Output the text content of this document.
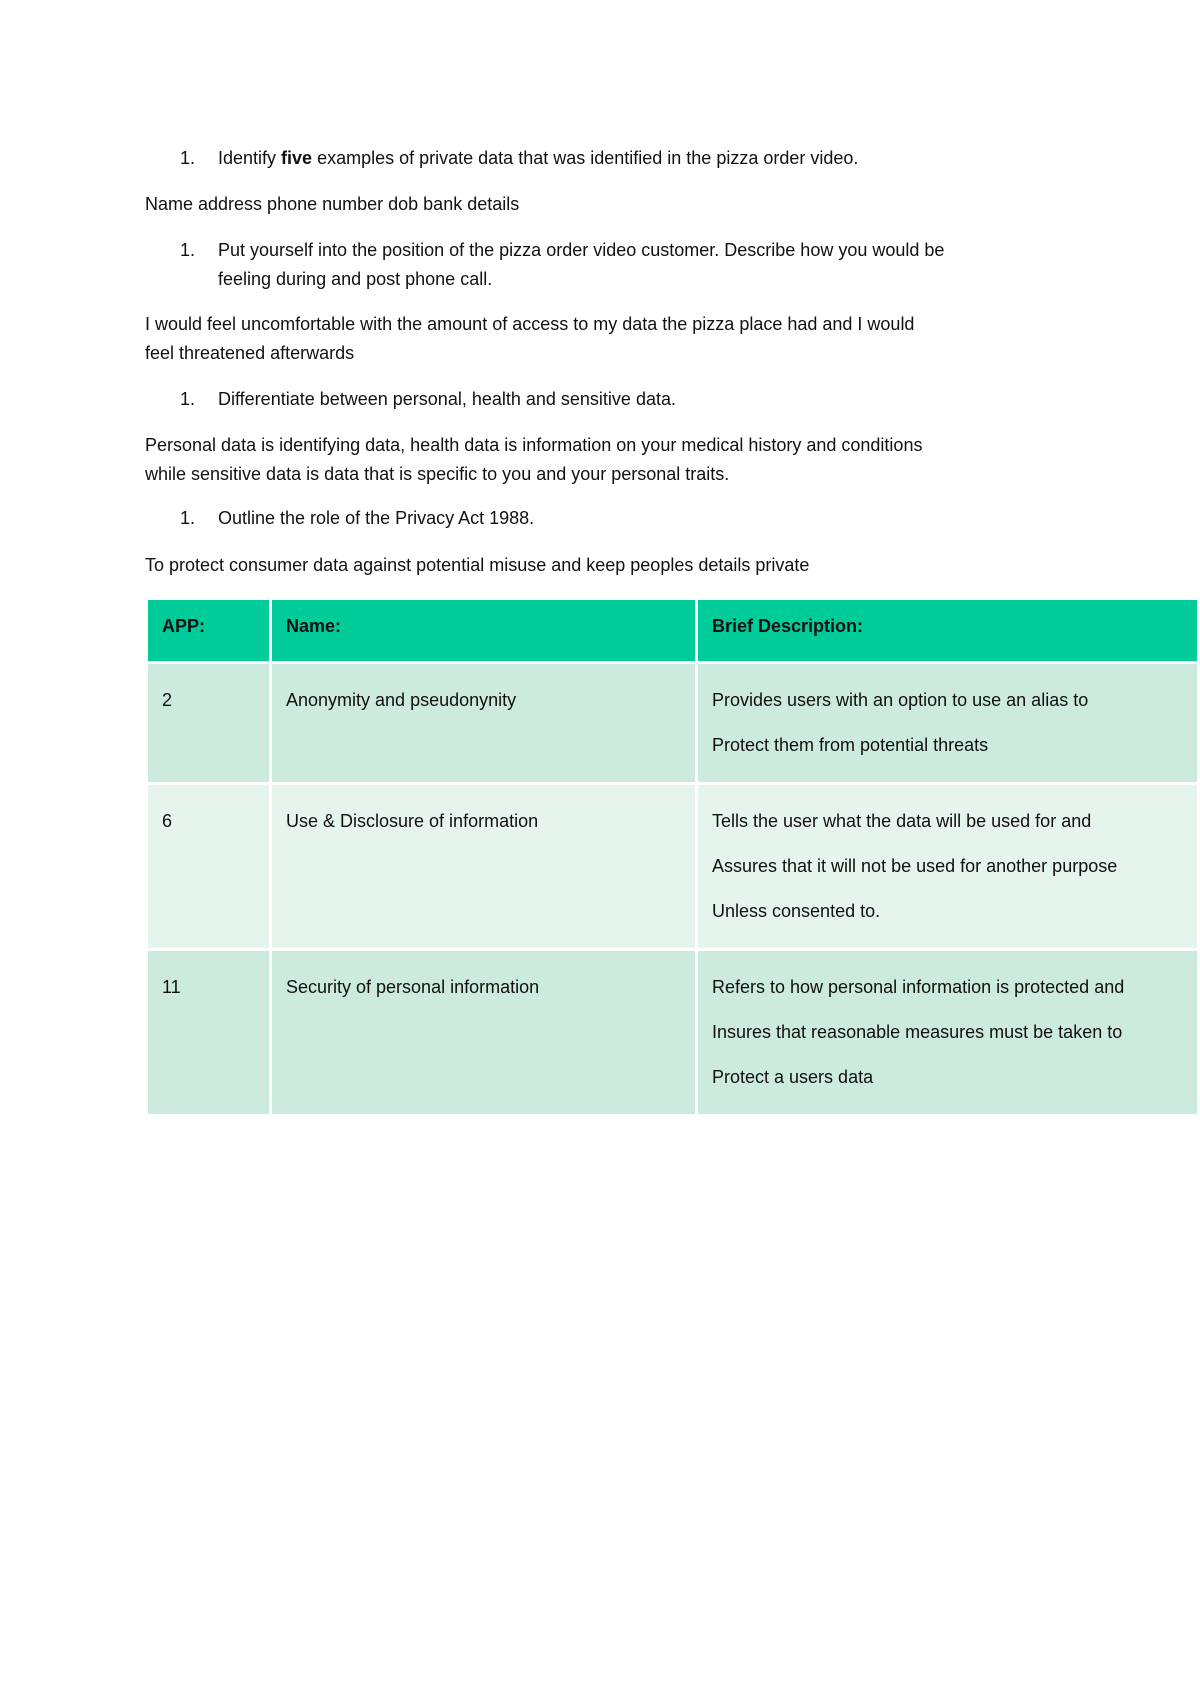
1.	Identify five examples of private data that was identified in the pizza order video.
Name address phone number dob bank details
1. Put yourself into the position of the pizza order video customer. Describe how you would be
feeling during and post phone call.
I would feel uncomfortable with the amount of access to my data the pizza place had and I would
feel threatened afterwards
1.	Differentiate between personal, health and sensitive data.
Personal data is identifying data, health data is information on your medical history and conditions
while sensitive data is data that is specific to you and your personal traits.
1.	Outline the role of the Privacy Act 1988.
To protect consumer data against potential misuse and keep peoples details private
APP:	Name:	Brief Description:
2	Anonymity and pseudonynity	Provides users with an option to use an alias to
Protect them from potential threats

6	Use & Disclosure of information	Tells the user what the data will be used for and
Assures that it will not be used for another purpose
Unless consented to.

11	Security of personal information	Refers to how personal information is protected and
Insures that reasonable measures must be taken to
Protect a users data
